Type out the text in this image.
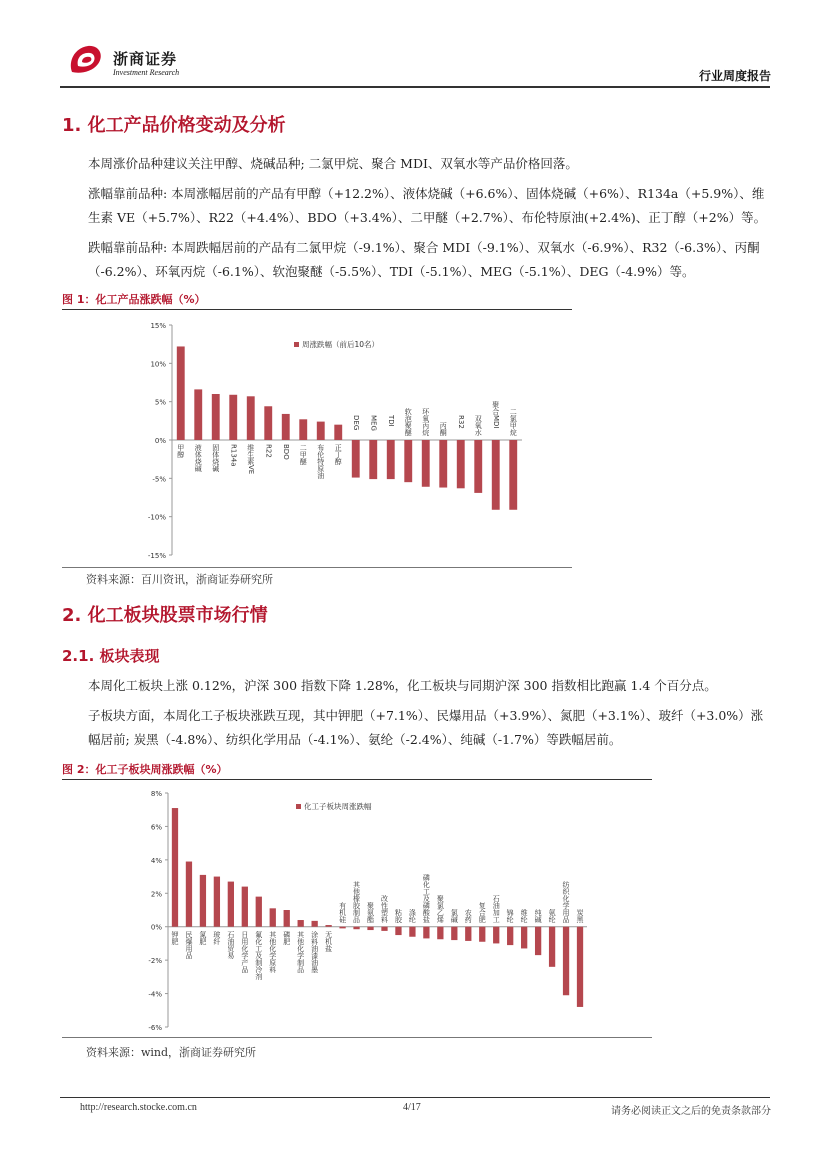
浙商证券
Investment Research	行业周度报告
1. 化工产品价格变动及分析
本周涨价品种建议关注甲醇、烧碱品种; 二氯甲烷、聚合 MDI、双氧水等产品价格回落。
涨幅靠前品种: 本周涨幅居前的产品有甲醇（+12.2%）、液体烧碱（+6.6%）、固体烧碱（+6%）、R134a（+5.9%）、维生素 VE（+5.7%）、R22（+4.4%）、BDO（+3.4%）、二甲醚（+2.7%）、布伦特原油(+2.4%)、正丁醇（+2%）等。
跌幅靠前品种: 本周跌幅居前的产品有二氯甲烷（-9.1%）、聚合 MDI（-9.1%）、双氧水（-6.9%）、R32（-6.3%）、丙酮（-6.2%）、环氧丙烷（-6.1%）、软泡聚醚（-5.5%）、TDI（-5.1%）、MEG（-5.1%）、DEG（-4.9%）等。
图 1：化工产品涨跌幅（%）
15%
10%
5%
0%
-5%
-10%
-15%
甲醇 液体烧碱 固体烧碱 R134a 维生素VE R22 BDO 二甲醚 布伦特原油 正丁醇
DEG MEG TDI 软泡聚醚 环氧丙烷 丙酮
R32 双氧水 聚合MDI 二氯甲烷
周涨跌幅（前后10名）
资料来源：百川资讯，浙商证券研究所
2. 化工板块股票市场行情
2.1. 板块表现
本周化工板块上涨 0.12%，沪深 300 指数下降 1.28%，化工板块与同期沪深 300 指数相比跑赢 1.4 个百分点。
子板块方面，本周化工子板块涨跌互现，其中钾肥（+7.1%）、民爆用品（+3.9%）、氮肥（+3.1%）、玻纤（+3.0%）涨幅居前; 炭黑（-4.8%）、纺织化学用品（-4.1%）、氨纶（-2.4%）、纯碱（-1.7%）等跌幅居前。
图 2：化工子板块周涨跌幅（%）
8%
6%
4%
2%
0%
-2%
-4%
-6%
钾肥 民爆用品 氮肥 玻纤 石油贸易 日用化学产品 氟化工及制冷剂 其他化学原料 磷肥 其他化学制品 涂料油漆油墨 无机盐
有机硅 其他橡胶制品 聚氨酯 改性塑料 粘胶 涤纶 磷化工及磷酸盐 聚氯乙烯 氯碱 农药 复合肥 石油加工 锦纶 维纶 纯碱 氨纶 纺织化学用品 炭黑
化工子板块周涨跌幅
资料来源：wind，浙商证券研究所
http://research.stocke.com.cn	4/17	请务必阅读正文之后的免责条款部分
